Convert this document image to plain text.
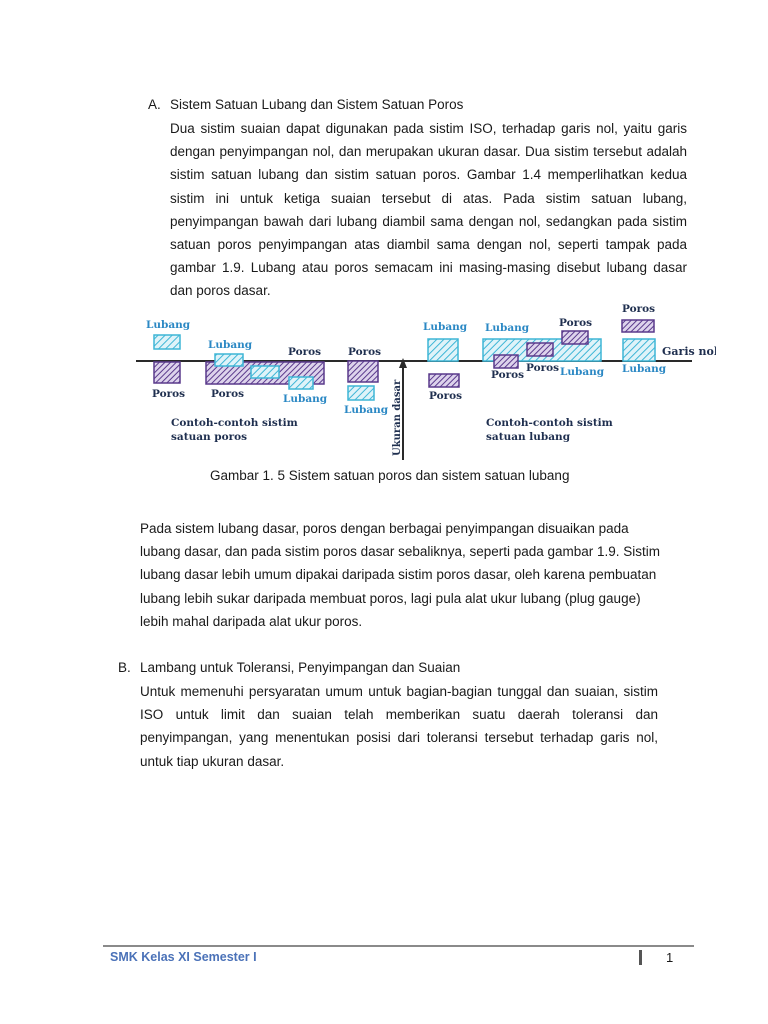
A. Sistem Satuan Lubang dan Sistem Satuan Poros

Dua sistim suaian dapat digunakan pada sistim ISO, terhadap garis nol, yaitu garis dengan penyimpangan nol, dan merupakan ukuran dasar. Dua sistim tersebut adalah sistim satuan lubang dan sistim satuan poros. Gambar 1.4 memperlihatkan kedua sistim ini untuk ketiga suaian tersebut di atas. Pada sistim satuan lubang, penyimpangan bawah dari lubang diambil sama dengan nol, sedangkan pada sistim satuan poros penyimpangan atas diambil sama dengan nol, seperti tampak pada gambar 1.9. Lubang atau poros semacam ini masing-masing disebut lubang dasar dan poros dasar.

Ukuran dasar
Lubang
Poros
Lubang
Poros
Poros
Lubang
Poros
Lubang
Contoh-contoh sistim
satuan poros
Lubang
Poros
Lubang	Poros
Poros
Poros Lubang
Poros
Lubang
Garis nol
Contoh-contoh sistim
satuan lubang
Gambar 1. 5 Sistem satuan poros dan sistem satuan lubang

Pada sistem lubang dasar, poros dengan berbagai penyimpangan disuaikan pada lubang dasar, dan pada sistim poros dasar sebaliknya, seperti pada gambar 1.9. Sistim lubang dasar lebih umum dipakai daripada sistim poros dasar, oleh karena pembuatan lubang lebih sukar daripada membuat poros, lagi pula alat ukur lubang (plug gauge) lebih mahal daripada alat ukur poros.

B. Lambang untuk Toleransi, Penyimpangan dan Suaian

Untuk memenuhi persyaratan umum untuk bagian-bagian tunggal dan suaian, sistim ISO untuk limit dan suaian telah memberikan suatu daerah toleransi dan penyimpangan, yang menentukan posisi dari toleransi tersebut terhadap garis nol, untuk tiap ukuran dasar.

SMK Kelas XI Semester I	1
